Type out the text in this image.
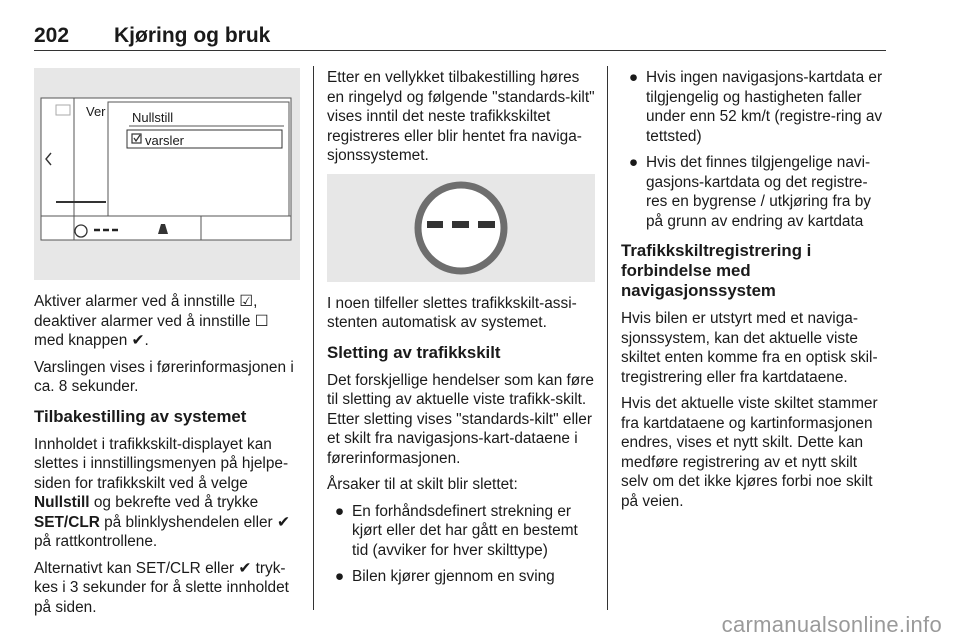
202 Kjøring og bruk
Ver Nullstill
varsler

Aktiver alarmer ved å innstille ☑, deaktiver alarmer ved å innstille ☐ med knappen ✔.

Varslingen vises i førerinformasjonen i ca. 8 sekunder.

Tilbakestilling av systemet

Innholdet i trafikkskilt-displayet kan slettes i innstillingsmenyen på hjelpe-siden for trafikkskilt ved å velge Nullstill og bekrefte ved å trykke SET/CLR på blinklyshendelen eller ✔ på rattkontrollene.

Alternativt kan SET/CLR eller ✔ tryk-kes i 3 sekunder for å slette innholdet på siden.

Etter en vellykket tilbakestilling høres en ringelyd og følgende "standards-kilt" vises inntil det neste trafikkskiltet registreres eller blir hentet fra naviga-sjonssystemet.

I noen tilfeller slettes trafikkskilt-assi-stenten automatisk av systemet.

Sletting av trafikkskilt

Det forskjellige hendelser som kan føre til sletting av aktuelle viste trafikk-skilt. Etter sletting vises "standards-kilt" eller et skilt fra navigasjons-kart-dataene i førerinformasjonen.

Årsaker til at skilt blir slettet:

● En forhåndsdefinert strekning er kjørt eller det har gått en bestemt tid (avviker for hver skilttype)
● Bilen kjører gjennom en sving
● Hvis ingen navigasjons-kartdata er tilgjengelig og hastigheten faller under enn 52 km/t (registre-ring av tettsted)
● Hvis det finnes tilgjengelige navi-gasjons-kartdata og det registre-res en bygrense / utkjøring fra by på grunn av endring av kartdata
Trafikkskiltregistrering i forbindelse med navigasjonssystem

Hvis bilen er utstyrt med et naviga-sjonssystem, kan det aktuelle viste skiltet enten komme fra en optisk skil-tregistrering eller fra kartdataene.

Hvis det aktuelle viste skiltet stammer fra kartdataene og kartinformasjonen endres, vises et nytt skilt. Dette kan medføre registrering av et nytt skilt selv om det ikke kjøres forbi noe skilt på veien.

carmanualsonline.info
